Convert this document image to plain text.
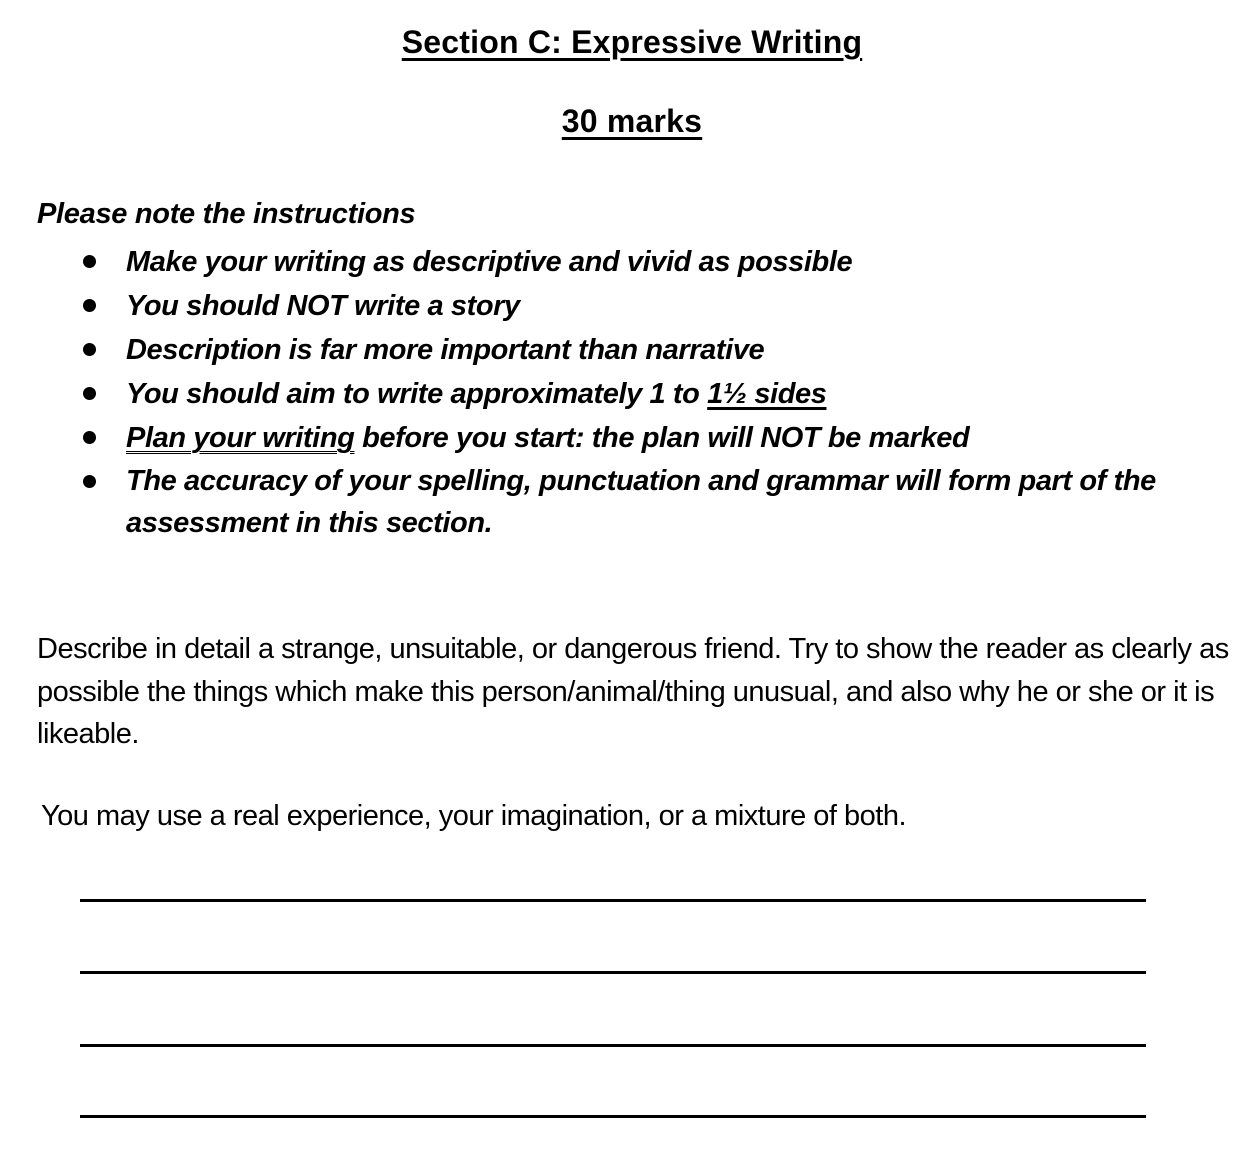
Section C: Expressive Writing
30 marks
Please note the instructions
Make your writing as descriptive and vivid as possible
You should NOT write a story
Description is far more important than narrative
You should aim to write approximately 1 to 1½ sides
Plan your writing before you start: the plan will NOT be marked
The accuracy of your spelling, punctuation and grammar will form part of the assessment in this section.
Describe in detail a strange, unsuitable, or dangerous friend. Try to show the reader as clearly as possible the things which make this person/animal/thing unusual, and also why he or she or it is likeable.
You may use a real experience, your imagination, or a mixture of both.
